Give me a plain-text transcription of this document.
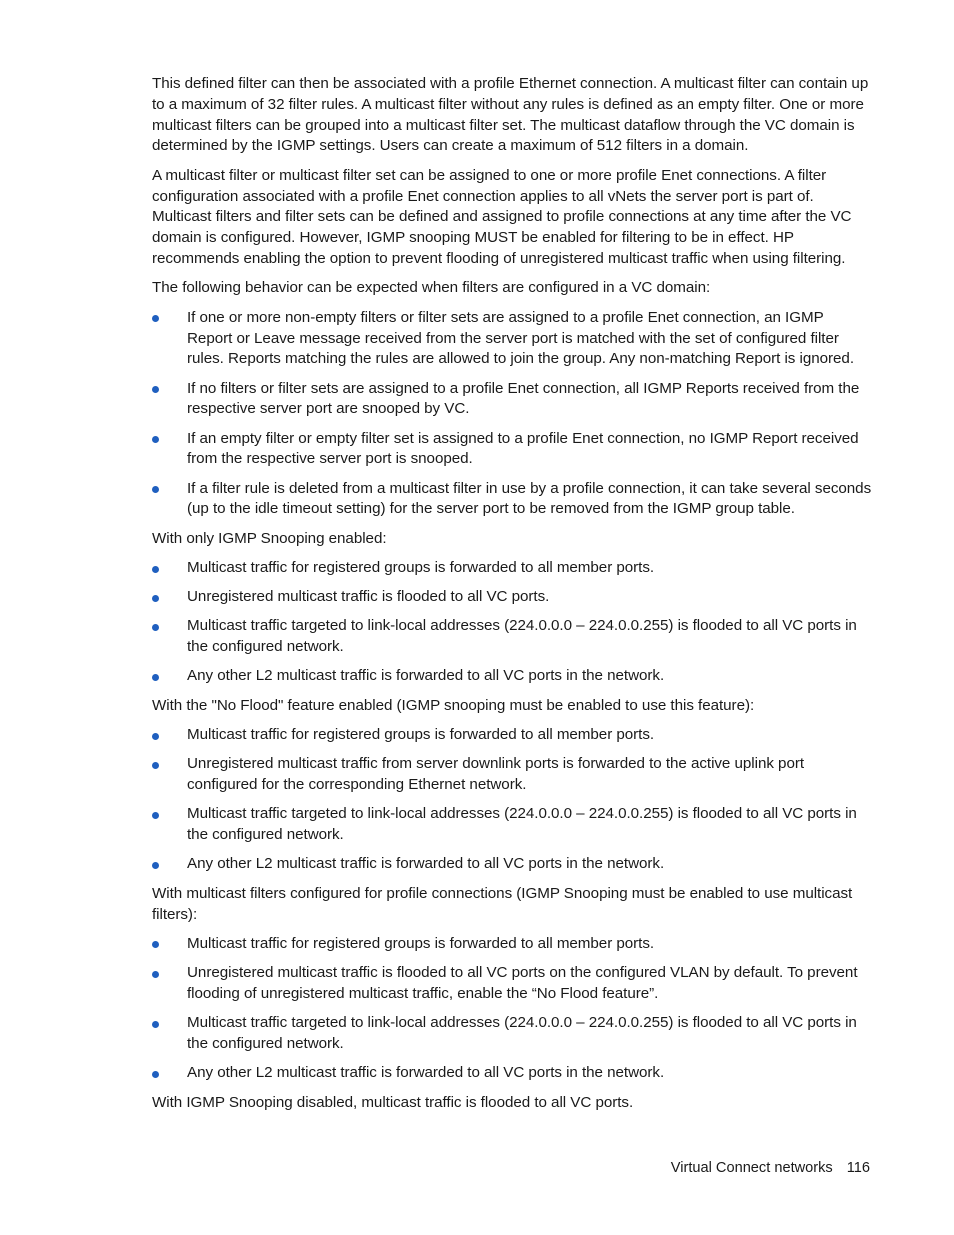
This defined filter can then be associated with a profile Ethernet connection. A multicast filter can contain up to a maximum of 32 filter rules. A multicast filter without any rules is defined as an empty filter. One or more multicast filters can be grouped into a multicast filter set. The multicast dataflow through the VC domain is determined by the IGMP settings. Users can create a maximum of 512 filters in a domain.

A multicast filter or multicast filter set can be assigned to one or more profile Enet connections. A filter configuration associated with a profile Enet connection applies to all vNets the server port is part of. Multicast filters and filter sets can be defined and assigned to profile connections at any time after the VC domain is configured. However, IGMP snooping MUST be enabled for filtering to be in effect. HP recommends enabling the option to prevent flooding of unregistered multicast traffic when using filtering.

The following behavior can be expected when filters are configured in a VC domain:

If one or more non-empty filters or filter sets are assigned to a profile Enet connection, an IGMP Report or Leave message received from the server port is matched with the set of configured filter rules. Reports matching the rules are allowed to join the group. Any non-matching Report is ignored.
If no filters or filter sets are assigned to a profile Enet connection, all IGMP Reports received from the respective server port are snooped by VC.
If an empty filter or empty filter set is assigned to a profile Enet connection, no IGMP Report received from the respective server port is snooped.
If a filter rule is deleted from a multicast filter in use by a profile connection, it can take several seconds (up to the idle timeout setting) for the server port to be removed from the IGMP group table.

With only IGMP Snooping enabled:

Multicast traffic for registered groups is forwarded to all member ports.
Unregistered multicast traffic is flooded to all VC ports.
Multicast traffic targeted to link-local addresses (224.0.0.0 – 224.0.0.255) is flooded to all VC ports in the configured network.
Any other L2 multicast traffic is forwarded to all VC ports in the network.

With the "No Flood" feature enabled (IGMP snooping must be enabled to use this feature):

Multicast traffic for registered groups is forwarded to all member ports.
Unregistered multicast traffic from server downlink ports is forwarded to the active uplink port configured for the corresponding Ethernet network.
Multicast traffic targeted to link-local addresses (224.0.0.0 – 224.0.0.255) is flooded to all VC ports in the configured network.
Any other L2 multicast traffic is forwarded to all VC ports in the network.

With multicast filters configured for profile connections (IGMP Snooping must be enabled to use multicast filters):

Multicast traffic for registered groups is forwarded to all member ports.
Unregistered multicast traffic is flooded to all VC ports on the configured VLAN by default. To prevent flooding of unregistered multicast traffic, enable the “No Flood feature”.
Multicast traffic targeted to link-local addresses (224.0.0.0 – 224.0.0.255) is flooded to all VC ports in the configured network.
Any other L2 multicast traffic is forwarded to all VC ports in the network.

With IGMP Snooping disabled, multicast traffic is flooded to all VC ports.

Virtual Connect networks 116
